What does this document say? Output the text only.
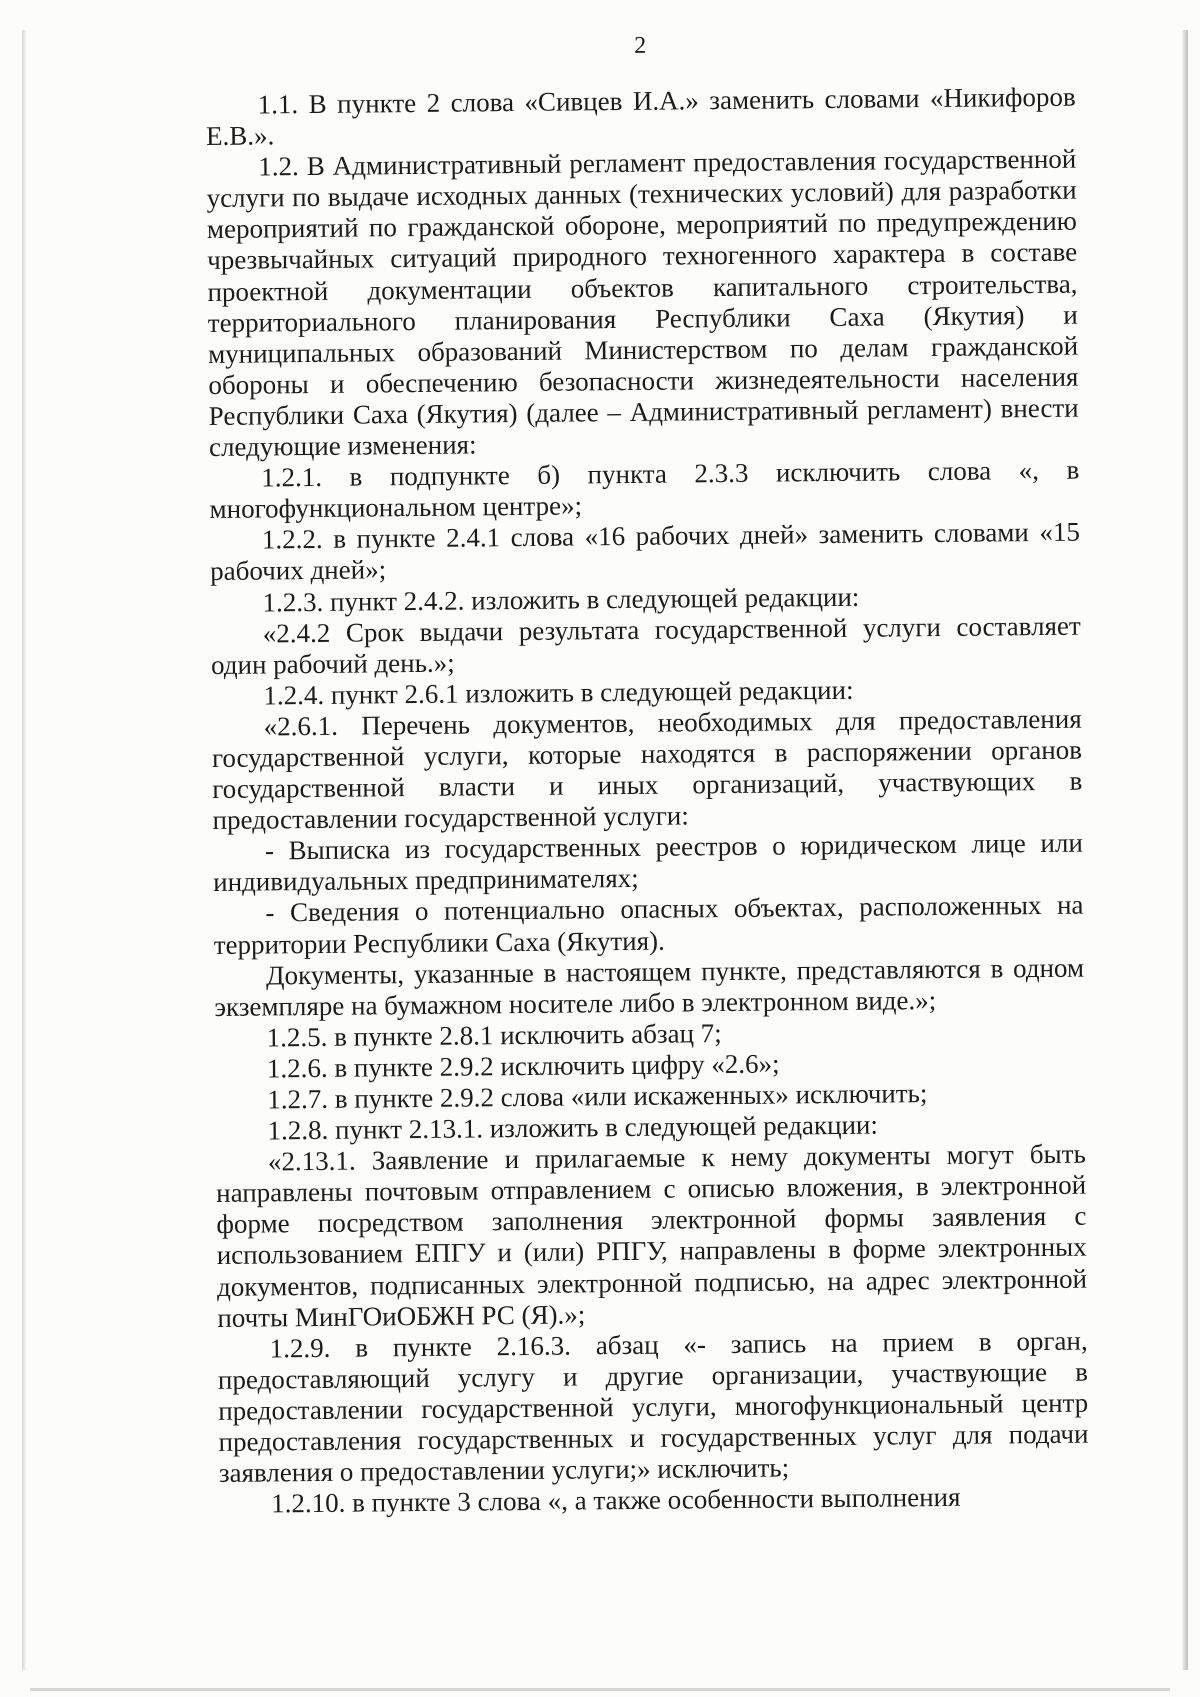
2

1.1. В пункте 2 слова «Сивцев И.А.» заменить словами «Никифоров Е.В.».

1.2. В Административный регламент предоставления государственной услуги по выдаче исходных данных (технических условий) для разработки мероприятий по гражданской обороне, мероприятий по предупреждению чрезвычайных ситуаций природного техногенного характера в составе проектной документации объектов капитального строительства, территориального планирования Республики Саха (Якутия) и муниципальных образований Министерством по делам гражданской обороны и обеспечению безопасности жизнедеятельности населения Республики Саха (Якутия) (далее – Административный регламент) внести следующие изменения:

1.2.1. в подпункте б) пункта 2.3.3 исключить слова «, в многофункциональном центре»;

1.2.2. в пункте 2.4.1 слова «16 рабочих дней» заменить словами «15 рабочих дней»;

1.2.3. пункт 2.4.2. изложить в следующей редакции:

«2.4.2 Срок выдачи результата государственной услуги составляет один рабочий день.»;

1.2.4. пункт 2.6.1 изложить в следующей редакции:

«2.6.1. Перечень документов, необходимых для предоставления государственной услуги, которые находятся в распоряжении органов государственной власти и иных организаций, участвующих в предоставлении государственной услуги:

- Выписка из государственных реестров о юридическом лице или индивидуальных предпринимателях;

- Сведения о потенциально опасных объектах, расположенных на территории Республики Саха (Якутия).

Документы, указанные в настоящем пункте, представляются в одном экземпляре на бумажном носителе либо в электронном виде.»;

1.2.5. в пункте 2.8.1 исключить абзац 7;

1.2.6. в пункте 2.9.2 исключить цифру «2.6»;

1.2.7. в пункте 2.9.2 слова «или искаженных» исключить;

1.2.8. пункт 2.13.1. изложить в следующей редакции:

«2.13.1. Заявление и прилагаемые к нему документы могут быть направлены почтовым отправлением с описью вложения, в электронной форме посредством заполнения электронной формы заявления с использованием ЕПГУ и (или) РПГУ, направлены в форме электронных документов, подписанных электронной подписью, на адрес электронной почты МинГОиОБЖН РС (Я).»;

1.2.9. в пункте 2.16.3. абзац «- запись на прием в орган, предоставляющий услугу и другие организации, участвующие в предоставлении государственной услуги, многофункциональный центр предоставления государственных и государственных услуг для подачи заявления о предоставлении услуги;» исключить;

1.2.10. в пункте 3 слова «, а также особенности выполнения
